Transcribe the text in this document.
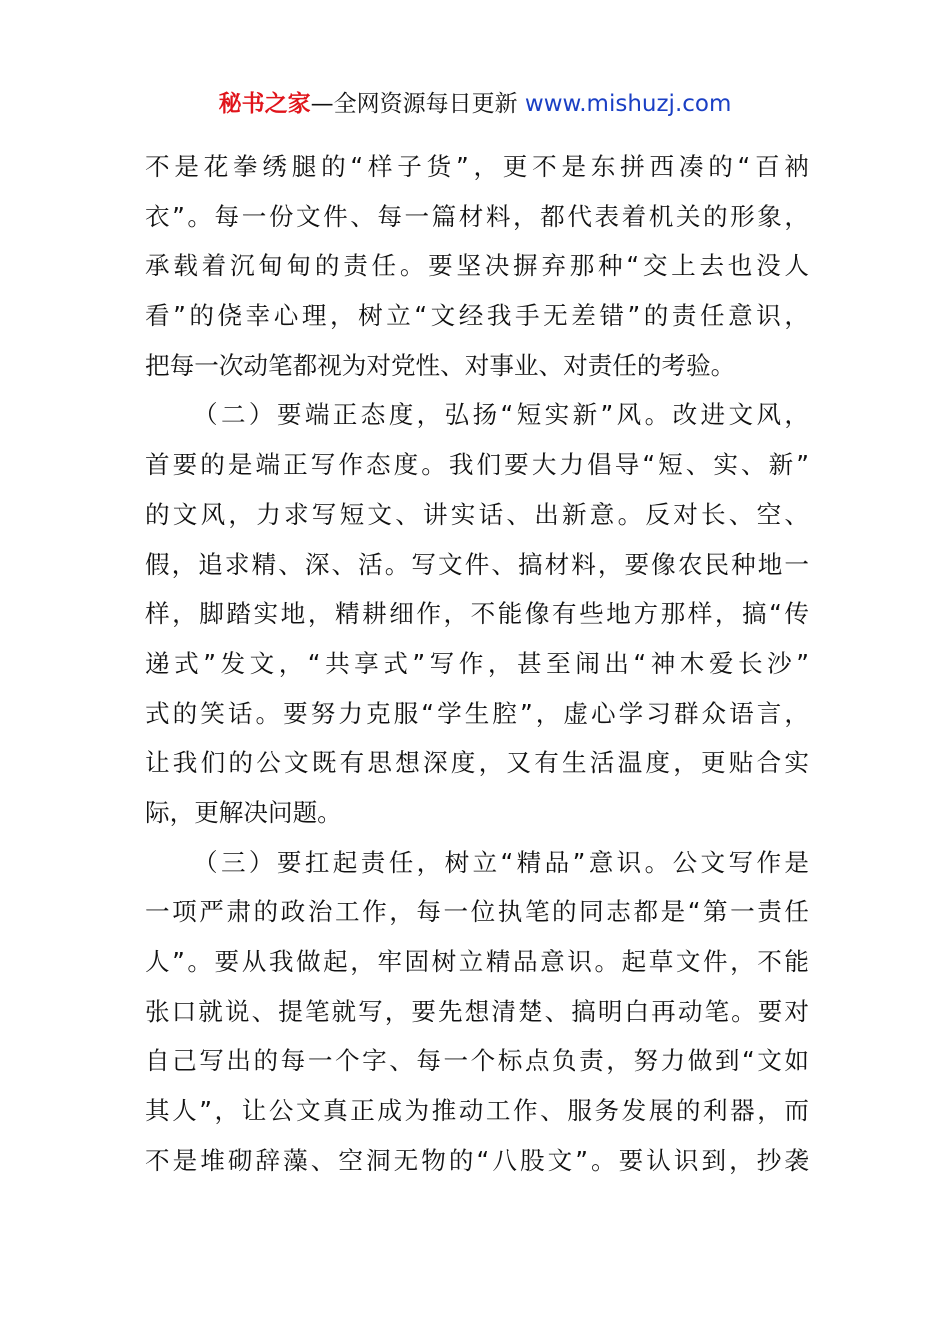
秘书之家—全网资源每日更新 www.mishuzj.com
不是花拳绣腿的“样子货”，更不是东拼西凑的“百衲
衣”。每一份文件、每一篇材料，都代表着机关的形象，
承载着沉甸甸的责任。要坚决摒弃那种“交上去也没人
看”的侥幸心理，树立“文经我手无差错”的责任意识，
把每一次动笔都视为对党性、对事业、对责任的考验。
（二）要端正态度，弘扬“短实新”风。改进文风，
首要的是端正写作态度。我们要大力倡导“短、实、新”
的文风，力求写短文、讲实话、出新意。反对长、空、
假，追求精、深、活。写文件、搞材料，要像农民种地一
样，脚踏实地，精耕细作，不能像有些地方那样，搞“传
递式”发文，“共享式”写作，甚至闹出“神木爱长沙”
式的笑话。要努力克服“学生腔”，虚心学习群众语言，
让我们的公文既有思想深度，又有生活温度，更贴合实
际，更解决问题。
（三）要扛起责任，树立“精品”意识。公文写作是
一项严肃的政治工作，每一位执笔的同志都是“第一责任
人”。要从我做起，牢固树立精品意识。起草文件，不能
张口就说、提笔就写，要先想清楚、搞明白再动笔。要对
自己写出的每一个字、每一个标点负责，努力做到“文如
其人”，让公文真正成为推动工作、服务发展的利器，而
不是堆砌辞藻、空洞无物的“八股文”。要认识到，抄袭
